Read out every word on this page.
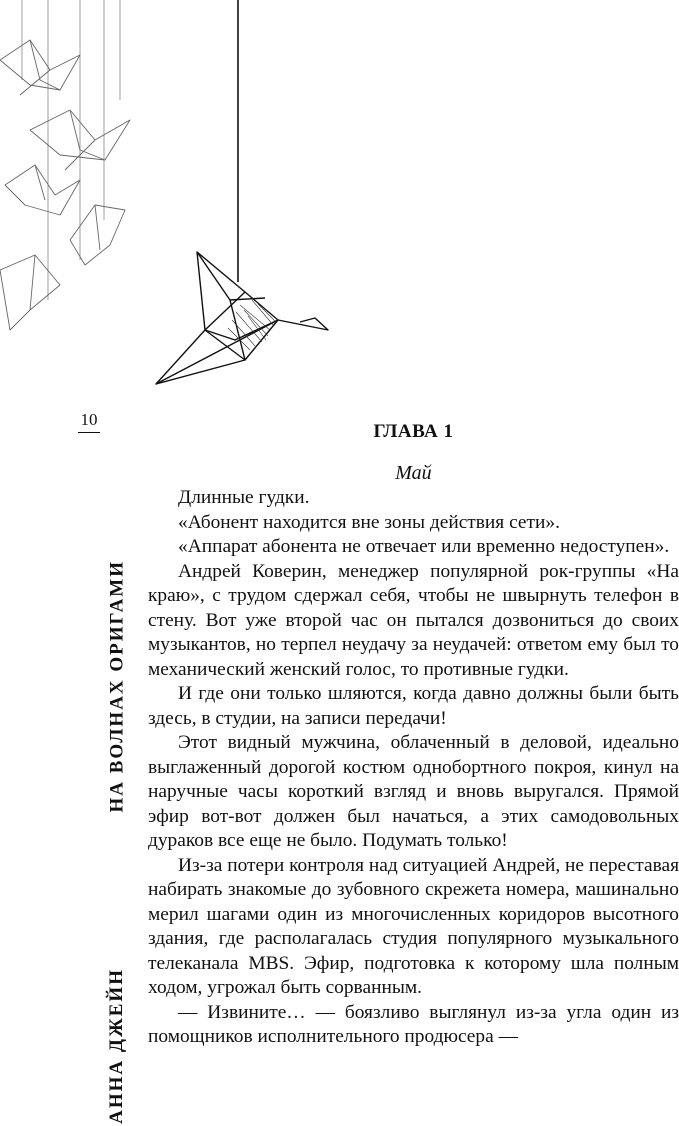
10
НА ВОЛНАХ ОРИГАМИ
АННА ДЖЕЙН
ГЛАВА 1
Май

Длинные гудки.

«Абонент находится вне зоны действия сети».

«Аппарат абонента не отвечает или временно недоступен».

Андрей Коверин, менеджер популярной рок-группы «На краю», с трудом сдержал себя, чтобы не швырнуть телефон в стену. Вот уже второй час он пытался дозвониться до своих музыкантов, но терпел неудачу за неудачей: ответом ему был то механический женский голос, то противные гудки.

И где они только шляются, когда давно должны были быть здесь, в студии, на записи передачи!

Этот видный мужчина, облаченный в деловой, идеально выглаженный дорогой костюм однобортного покроя, кинул на наручные часы короткий взгляд и вновь выругался. Прямой эфир вот-вот должен был начаться, а этих самодовольных дураков все еще не было. Подумать только!

Из-за потери контроля над ситуацией Андрей, не переставая набирать знакомые до зубовного скрежета номера, машинально мерил шагами один из многочисленных коридоров высотного здания, где располагалась студия популярного музыкального телеканала MBS. Эфир, подготовка к которому шла полным ходом, угрожал быть сорванным.

— Извините… — боязливо выглянул из-за угла один из помощников исполнительного продюсера —
